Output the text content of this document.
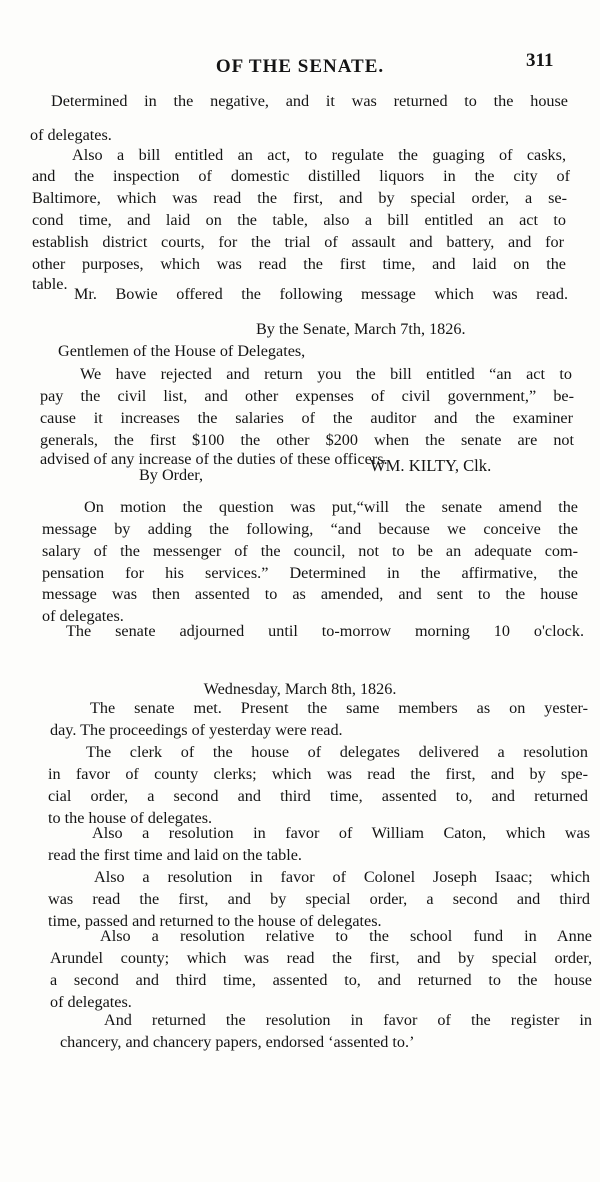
OF THE SENATE.	311
Determined in the negative, and it was returned to the house
of delegates.
Also a bill entitled an act, to regulate the guaging of casks,
and the inspection of domestic distilled liquors in the city of
Baltimore, which was read the first, and by special order, a se-
cond time, and laid on the table, also a bill entitled an act to
establish district courts, for the trial of assault and battery, and for
other purposes, which was read the first time, and laid on the
table.
Mr. Bowie offered the following message which was read.
By the Senate, March 7th, 1826.
Gentlemen of the House of Delegates,
We have rejected and return you the bill entitled “an act to
pay the civil list, and other expenses of civil government,” be-
cause it increases the salaries of the auditor and the examiner
generals, the first $100 the other $200 when the senate are not
advised of any increase of the duties of these officers.
By Order,	WM. KILTY, Clk.
On motion the question was put,“will the senate amend the
message by adding the following, “and because we conceive the
salary of the messenger of the council, not to be an adequate com-
pensation for his services.” Determined in the affirmative, the
message was then assented to as amended, and sent to the house
of delegates.
The senate adjourned until to-morrow morning 10 o'clock.
Wednesday, March 8th, 1826.
The senate met. Present the same members as on yester-
day. The proceedings of yesterday were read.
The clerk of the house of delegates delivered a resolution
in favor of county clerks; which was read the first, and by spe-
cial order, a second and third time, assented to, and returned
to the house of delegates.
Also a resolution in favor of William Caton, which was
read the first time and laid on the table.
Also a resolution in favor of Colonel Joseph Isaac; which
was read the first, and by special order, a second and third
time, passed and returned to the house of delegates.
Also a resolution relative to the school fund in Anne
Arundel county; which was read the first, and by special order,
a second and third time, assented to, and returned to the house
of delegates.
And returned the resolution in favor of the register in
chancery, and chancery papers, endorsed ‘assented to.’
